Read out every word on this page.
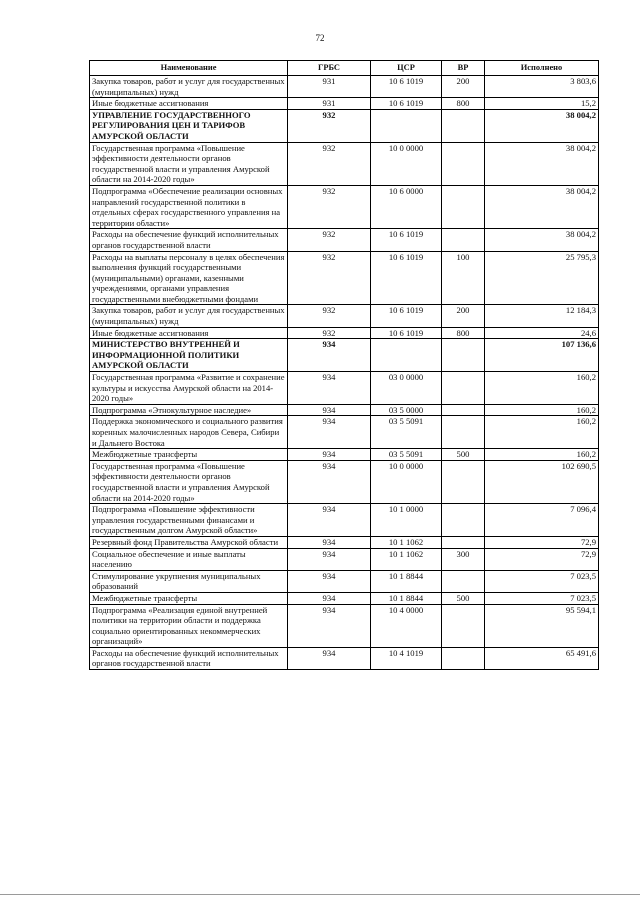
72
Наименование	ГРБС	ЦСР	ВР	Исполнено
Закупка товаров, работ и услуг для государственных (муниципальных) нужд	931	10 6 1019	200	3 803,6
Иные бюджетные ассигнования	931	10 6 1019	800	15,2
УПРАВЛЕНИЕ ГОСУДАРСТВЕННОГО РЕГУЛИРОВАНИЯ ЦЕН И ТАРИФОВ АМУРСКОЙ ОБЛАСТИ	932			38 004,2
Государственная программа «Повышение эффективности деятельности органов государственной власти и управления Амурской области на 2014-2020 годы»	932	10 0 0000		38 004,2
Подпрограмма «Обеспечение реализации основных направлений государственной политики в отдельных сферах государственного управления на территории области»	932	10 6 0000		38 004,2
Расходы на обеспечение функций исполнительных органов государственной власти	932	10 6 1019		38 004,2
Расходы на выплаты персоналу в целях обеспечения выполнения функций государственными (муниципальными) органами, казенными учреждениями, органами управления государственными внебюджетными фондами	932	10 6 1019	100	25 795,3
Закупка товаров, работ и услуг для государственных (муниципальных) нужд	932	10 6 1019	200	12 184,3
Иные бюджетные ассигнования	932	10 6 1019	800	24,6
МИНИСТЕРСТВО ВНУТРЕННЕЙ И ИНФОРМАЦИОННОЙ ПОЛИТИКИ АМУРСКОЙ ОБЛАСТИ	934			107 136,6
Государственная программа «Развитие и сохранение культуры и искусства Амурской области на 2014-2020 годы»	934	03 0 0000		160,2
Подпрограмма «Этнокультурное наследие»	934	03 5 0000		160,2
Поддержка экономического и социального развития коренных малочисленных народов Севера, Сибири и Дальнего Востока	934	03 5 5091		160,2
Межбюджетные трансферты	934	03 5 5091	500	160,2
Государственная программа «Повышение эффективности деятельности органов государственной власти и управления Амурской области на 2014-2020 годы»	934	10 0 0000		102 690,5
Подпрограмма «Повышение эффективности управления государственными финансами и государственным долгом Амурской области»	934	10 1 0000		7 096,4
Резервный фонд Правительства Амурской области	934	10 1 1062		72,9
Социальное обеспечение и иные выплаты населению	934	10 1 1062	300	72,9
Стимулирование укрупнения муниципальных образований	934	10 1 8844		7 023,5
Межбюджетные трансферты	934	10 1 8844	500	7 023,5
Подпрограмма «Реализация единой внутренней политики на территории области и поддержка социально ориентированных некоммерческих организаций»	934	10 4 0000		95 594,1
Расходы на обеспечение функций исполнительных органов государственной власти	934	10 4 1019		65 491,6
